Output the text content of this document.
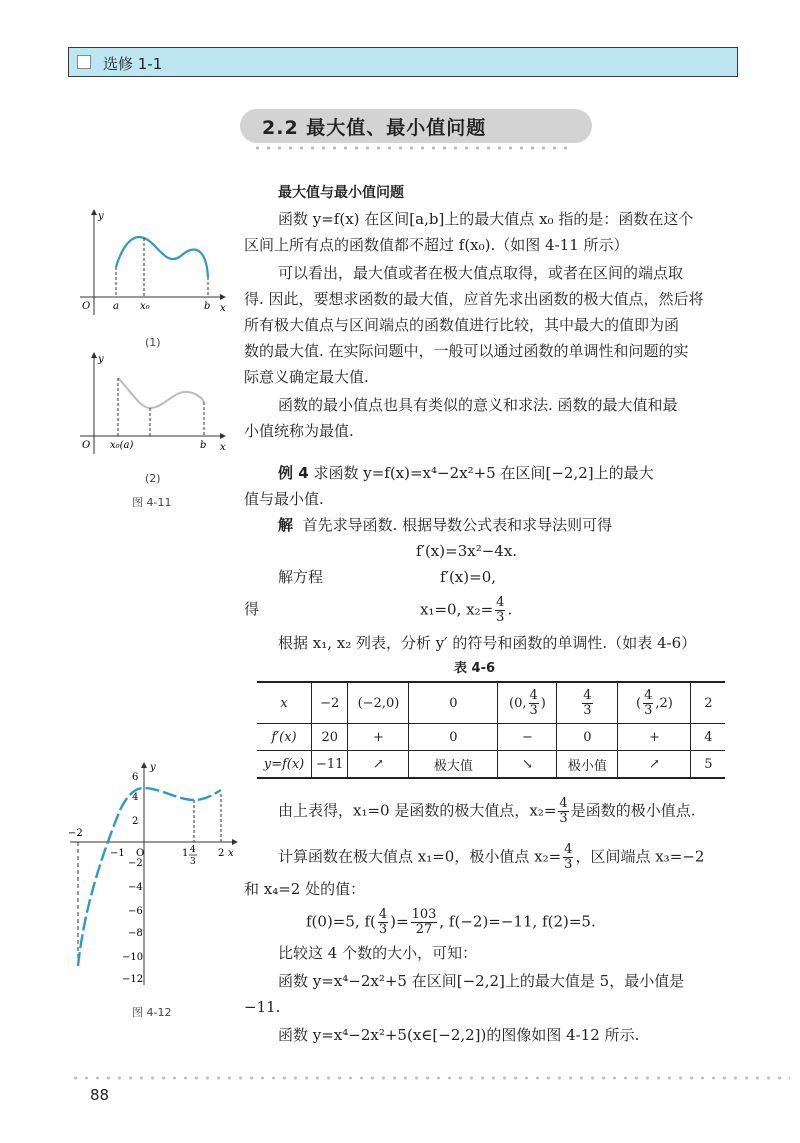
选修 1-1
2.2 最大值、最小值问题
最大值与最小值问题
函数 y=f(x) 在区间[a,b]上的最大值点 x₀ 指的是：函数在这个
区间上所有点的函数值都不超过 f(x₀).（如图 4-11 所示）
可以看出，最大值或者在极大值点取得，或者在区间的端点取
得. 因此，要想求函数的最大值，应首先求出函数的极大值点，然后将
所有极大值点与区间端点的函数值进行比较，其中最大的值即为函
数的最大值. 在实际问题中，一般可以通过函数的单调性和问题的实
际意义确定最大值.
函数的最小值点也具有类似的意义和求法. 函数的最大值和最
小值统称为最值.
例 4 求函数 y=f(x)=x⁴−2x²+5 在区间[−2,2]上的最大
值与最小值.
解 首先求导函数. 根据导数公式表和求导法则可得
f′(x)=3x²−4x.
解方程	f′(x)=0,
得	x₁=0, $x_2= \frac{4}{3}$ .
根据 x₁, x₂ 列表，分析 y′ 的符号和函数的单调性.（如表 4-6）
表 4-6
x	−2	(−2,0)	0	(0, $\frac{4}{3}$ )	$\frac{4}{3}$	( $\frac{4}{3} ,2$)	2
f′(x)	20	+	0	−	0	+	4
y=f(x)	−11	↗	极大值	↘	极小值	↗	5
由上表得，x₁=0 是函数的极大值点，$x_2= \frac{4}{3}$ 是函数的极小值点.
计算函数在极大值点 x₁=0，极小值点 $x_2= \frac{4}{3}$ ，区间端点 x₃=−2
和 x₄=2 处的值：
f(0)=5, $f( \frac{4}{3}$ )= $\frac{103}{27}$ , f(−2)=−11, f(2)=5.
比较这 4 个数的大小，可知：
函数 y=x⁴−2x²+5 在区间[−2,2]上的最大值是 5，最小值是
−11.
函数 y=x⁴−2x²+5(x∈[−2,2])的图像如图 4-12 所示.
y
x
O a x₀	b
(1)
y
x
O x₀(a)	b
(2)
图 4-11
y
x
6
4
2
−2
−4
−6
−8
−10
−12
−2
−1 O	1 4
3
2
图 4-12
88
